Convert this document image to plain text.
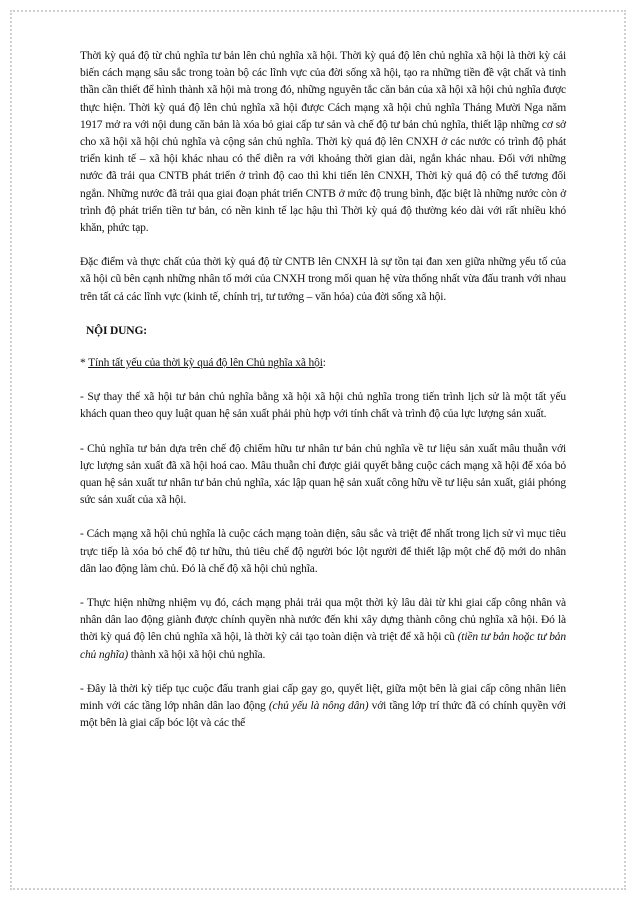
Thời kỳ quá độ từ chủ nghĩa tư bản lên chủ nghĩa xã hội. Thời kỳ quá độ lên chủ nghĩa xã hội là thời kỳ cải biến cách mạng sâu sắc trong toàn bộ các lĩnh vực của đời sống xã hội, tạo ra những tiền đề vật chất và tinh thần cần thiết để hình thành xã hội mà trong đó, những nguyên tắc căn bản của xã hội xã hội chủ nghĩa được thực hiện. Thời kỳ quá độ lên chủ nghĩa xã hội được Cách mạng xã hội chủ nghĩa Tháng Mười Nga năm 1917 mở ra với nội dung căn bản là xóa bỏ giai cấp tư sản và chế độ tư bản chủ nghĩa, thiết lập những cơ sở cho xã hội xã hội chủ nghĩa và cộng sản chủ nghĩa. Thời kỳ quá độ lên CNXH ở các nước có trình độ phát triển kinh tế – xã hội khác nhau có thể diễn ra với khoảng thời gian dài, ngắn khác nhau. Đối với những nước đã trải qua CNTB phát triển ở trình độ cao thì khi tiến lên CNXH, Thời kỳ quá độ có thể tương đối ngắn. Những nước đã trải qua giai đoạn phát triển CNTB ở mức độ trung bình, đặc biệt là những nước còn ở trình độ phát triển tiền tư bản, có nền kinh tế lạc hậu thì Thời kỳ quá độ thường kéo dài với rất nhiều khó khăn, phức tạp.

Đặc điểm và thực chất của thời kỳ quá độ từ CNTB lên CNXH là sự tồn tại đan xen giữa những yếu tố của xã hội cũ bên cạnh những nhân tố mới của CNXH trong mối quan hệ vừa thống nhất vừa đấu tranh với nhau trên tất cả các lĩnh vực (kinh tế, chính trị, tư tưởng – văn hóa) của đời sống xã hội.

NỘI DUNG:

* Tính tất yếu của thời kỳ quá độ lên Chủ nghĩa xã hội:

- Sự thay thế xã hội tư bản chủ nghĩa bằng xã hội xã hội chủ nghĩa trong tiến trình lịch sử là một tất yếu khách quan theo quy luật quan hệ sản xuất phải phù hợp với tính chất và trình độ của lực lượng sản xuất.

- Chủ nghĩa tư bản dựa trên chế độ chiếm hữu tư nhân tư bản chủ nghĩa về tư liệu sản xuất mâu thuẫn với lực lượng sản xuất đã xã hội hoá cao. Mâu thuẫn chỉ được giải quyết bằng cuộc cách mạng xã hội để xóa bỏ quan hệ sản xuất tư nhân tư bản chủ nghĩa, xác lập quan hệ sản xuất công hữu về tư liệu sản xuất, giải phóng sức sản xuất của xã hội.

- Cách mạng xã hội chủ nghĩa là cuộc cách mạng toàn diện, sâu sắc và triệt để nhất trong lịch sử vì mục tiêu trực tiếp là xóa bỏ chế độ tư hữu, thủ tiêu chế độ người bóc lột người để thiết lập một chế độ mới do nhân dân lao động làm chủ. Đó là chế độ xã hội chủ nghĩa.

- Thực hiện những nhiệm vụ đó, cách mạng phải trải qua một thời kỳ lâu dài từ khi giai cấp công nhân và nhân dân lao động giành được chính quyền nhà nước đến khi xây dựng thành công chủ nghĩa xã hội. Đó là thời kỳ quá độ lên chủ nghĩa xã hội, là thời kỳ cải tạo toàn diện và triệt để xã hội cũ (tiền tư bản hoặc tư bản chủ nghĩa) thành xã hội xã hội chủ nghĩa.

- Đây là thời kỳ tiếp tục cuộc đấu tranh giai cấp gay go, quyết liệt, giữa một bên là giai cấp công nhân liên minh với các tầng lớp nhân dân lao động (chủ yếu là nông dân) với tầng lớp trí thức đã có chính quyền với một bên là giai cấp bóc lột và các thế
